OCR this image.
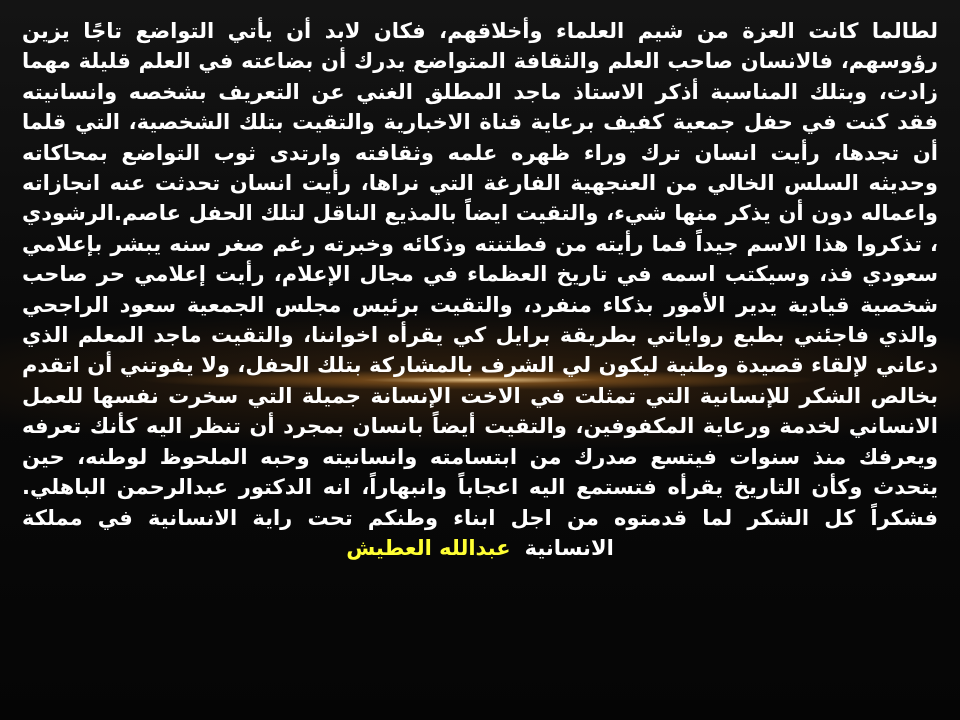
لطالما كانت العزة من شيم العلماء وأخلاقهم، فكان لابد أن يأتي التواضع تاجًا يزين رؤوسهم، فالانسان صاحب العلم والثقافة المتواضع يدرك أن بضاعته في العلم قليلة مهما زادت، وبتلك المناسبة أذكر الاستاذ ماجد المطلق الغني عن التعريف بشخصه وانسانيته فقد كنت في حفل جمعية كفيف برعاية قناة الاخبارية والتقيت بتلك الشخصية، التي قلما أن تجدها، رأيت انسان ترك وراء ظهره علمه وثقافته وارتدى ثوب التواضع بمحاكاته وحديثه السلس الخالي من العنجهية الفارغة التي نراها، رأيت انسان تحدثت عنه انجازاته واعماله دون أن يذكر منها شيء، والتقيت ايضاً بالمذيع الناقل لتلك الحفل عاصم.الرشودي ، تذكروا هذا الاسم جيداً فما رأيته من فطتنته وذكائه وخبرته رغم صغر سنه يبشر بإعلامي سعودي فذ، وسيكتب اسمه في تاريخ العظماء في مجال الإعلام، رأيت إعلامي حر صاحب شخصية قيادية يدير الأمور بذكاء منفرد، والتقيت برئيس مجلس الجمعية سعود الراجحي والذي فاجئني بطبع رواياتي بطريقة برايل كي يقرأه اخواننا، والتقيت ماجد المعلم الذي دعاني لإلقاء قصيدة وطنية ليكون لي الشرف بالمشاركة بتلك الحفل، ولا يفوتني أن اتقدم بخالص الشكر للإنسانية التي تمثلت في الاخت الإنسانة جميلة التي سخرت نفسها للعمل الانساني لخدمة ورعاية المكفوفين، والتقيت أيضاً بانسان بمجرد أن تنظر اليه كأنك تعرفه ويعرفك منذ سنوات فيتسع صدرك من ابتسامته وانسانيته وحبه الملحوظ لوطنه، حين يتحدث وكأن التاريخ يقرأه فتستمع اليه اعجاباً وانبهاراً، انه الدكتور عبدالرحمن الباهلي. فشكراً كل الشكر لما قدمتوه من اجل ابناء وطنكم تحت راية الانسانية في مملكة الانسانيةعبدالله العطيش
